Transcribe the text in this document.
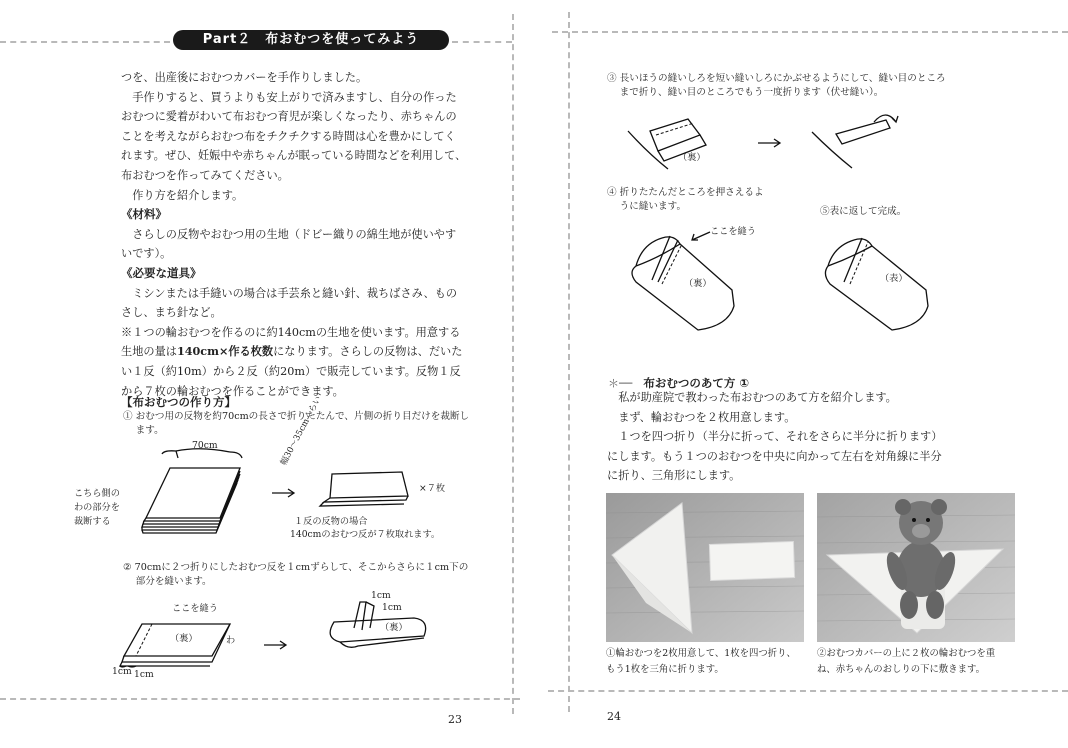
Part２　布おむつを使ってみよう

つを、出産後におむつカバーを手作りしました。

　手作りすると、買うよりも安上がりで済みますし、自分の作った

おむつに愛着がわいて布おむつ育児が楽しくなったり、赤ちゃんの

ことを考えながらおむつ布をチクチクする時間は心を豊かにしてく

れます。ぜひ、妊娠中や赤ちゃんが眠っている時間などを利用して、

布おむつを作ってみてください。

　作り方を紹介します。

《材料》

　さらしの反物やおむつ用の生地（ドビー織りの綿生地が使いやす

いです）。

《必要な道具》

　ミシンまたは手縫いの場合は手芸糸と縫い針、裁ちばさみ、もの

さし、まち針など。

※１つの輪おむつを作るのに約140cmの生地を使います。用意する

生地の量は140cm×作る枚数になります。さらしの反物は、だいた

い１反（約10m）から２反（約20m）で販売しています。反物１反

から７枚の輪おむつを作ることができます。

【布おむつの作り方】

① おむつ用の反物を約70cmの長さで折りたたんで、片側の折り目だけを裁断し

　 ます。

70cm
こちら側の
わの部分を
裁断する
幅30〜35cmくらい
×７枚
１反の反物の場合
140cmのおむつ反が７枚取れます。

② 70cmに２つ折りにしたおむつ反を１cmずらして、そこからさらに１cm下の

　 部分を縫います。

ここを縫う
（裏）	わ
1cm 1cm
1cm
1cm
（裏）
23

③ 長いほうの縫いしろを短い縫いしろにかぶせるようにして、縫い目のところ

　 まで折り、縫い目のところでもう一度折ります（伏せ縫い）。

（裏）

④ 折りたたんだところを押さえるよ

　 うに縫います。	⑤表に返して完成。
ここを縫う
（裏）	（表）
＊── 布おむつのあて方 ①

　私が助産院で教わった布おむつのあて方を紹介します。

　まず、輪おむつを２枚用意します。

　１つを四つ折り（半分に折って、それをさらに半分に折ります）

にします。もう１つのおむつを中央に向かって左右を対角線に半分

に折り、三角形にします。

①輪おむつを2枚用意して、1枚を四つ折り、
もう1枚を三角に折ります。
②おむつカバーの上に２枚の輪おむつを重
ね、赤ちゃんのおしりの下に敷きます。
24
